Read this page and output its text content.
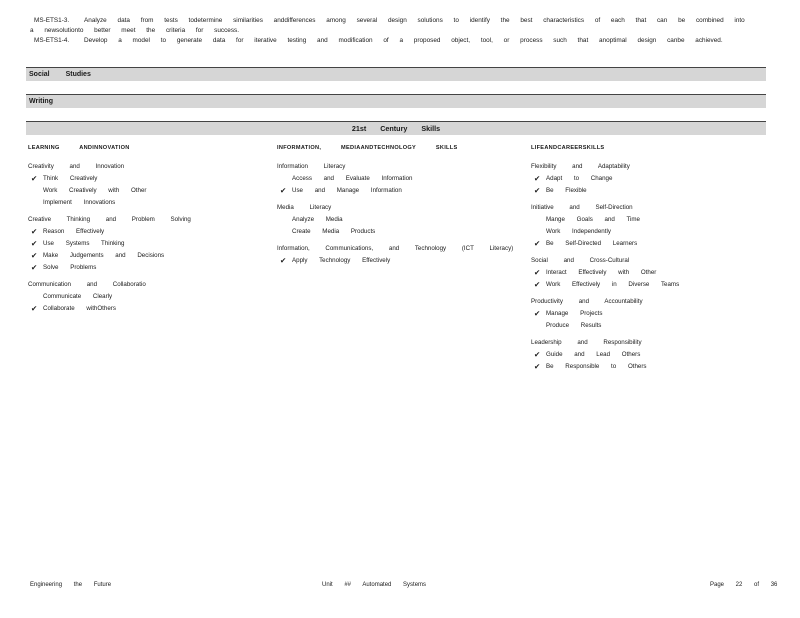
MS-ETS1-3.	Analyze data from tests todetermine similarities anddifferences among several design solutions to identify the best characteristics of each that can be combined into
a newsolutionto better meet the criteria for success.
MS-ETS1-4.	Develop a model to generate data for iterative testing and modification of a proposed object, tool, or process such that anoptimal design canbe achieved.
Social Studies
Writing
21st Century Skills
LEARNING ANDINNOVATION
Creativity and Innovation
✔ Think Creatively
Work Creatively with Other
Implement Innovations
Creative Thinking and Problem Solving
✔ Reason Effectively
✔ Use Systems Thinking
✔ Make Judgements and Decisions
✔ Solve Problems
Communication and Collaboratio
Communicate Clearly
✔ Collaborate withOthers
INFORMATION, MEDIAANDTECHNOLOGY SKILLS
Information Literacy
Access and Evaluate Information
✔ Use and Manage Information
Media Literacy
Analyze Media
Create Media Products
Information, Communications, and Technology (ICT Literacy)
✔ Apply Technology Effectively
LIFEANDCAREERSKILLS
Flexibility and Adaptability
✔ Adapt to Change
✔ Be Flexible
Initiative and Self-Direction
Mange Goals and Time
Work Independently
✔ Be Self-Directed Learners
Social and Cross-Cultural
✔ Interact Effectively with Other
✔ Work Effectively in Diverse Teams
Productivity and Accountability
✔ Manage Projects
Produce Results
Leadership and Responsibility
✔ Guide and Lead Others
✔ Be Responsible to Others
Engineering the Future	Unit ## Automated Systems	Page 22 of 36
